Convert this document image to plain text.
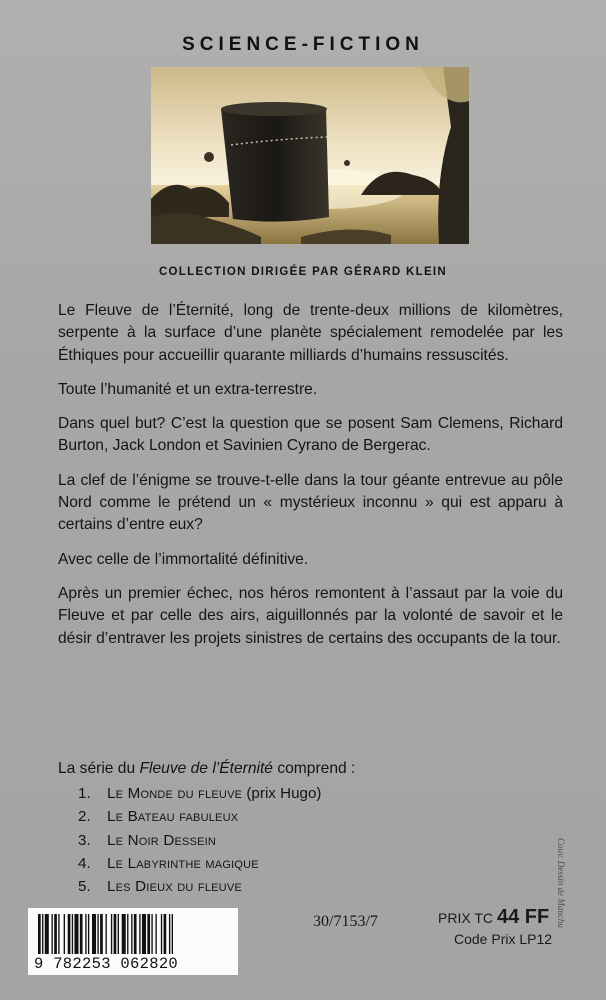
SCIENCE-FICTION
COLLECTION DIRIGÉE PAR GÉRARD KLEIN

Le Fleuve de l’Éternité, long de trente-deux millions de kilomètres, serpente à la surface d’une planète spécialement remodelée par les Éthiques pour accueillir quarante milliards d’humains ressuscités.

Toute l’humanité et un extra-terrestre.

Dans quel but? C’est la question que se posent Sam Clemens, Richard Burton, Jack London et Savinien Cyrano de Bergerac.

La clef de l’énigme se trouve-t-elle dans la tour géante entrevue au pôle Nord comme le prétend un « mystérieux inconnu » qui est apparu à certains d’entre eux?

Avec celle de l’immortalité définitive.

Après un premier échec, nos héros remontent à l’assaut par la voie du Fleuve et par celle des airs, aiguillonnés par la volonté de savoir et le désir d’entraver les projets sinistres de certains des occupants de la tour.

La série du Fleuve de l’Éternité comprend :
1. Le Monde du fleuve (prix Hugo)
2. Le Bateau fabuleux
3. Le Noir Dessein
4. Le Labyrinthe magique
5. Les Dieux du fleuve
9 782253 062820
30/7153/7	PRIX TC 44 FF
Code Prix LP12
Couv. Dessin de Manchu
